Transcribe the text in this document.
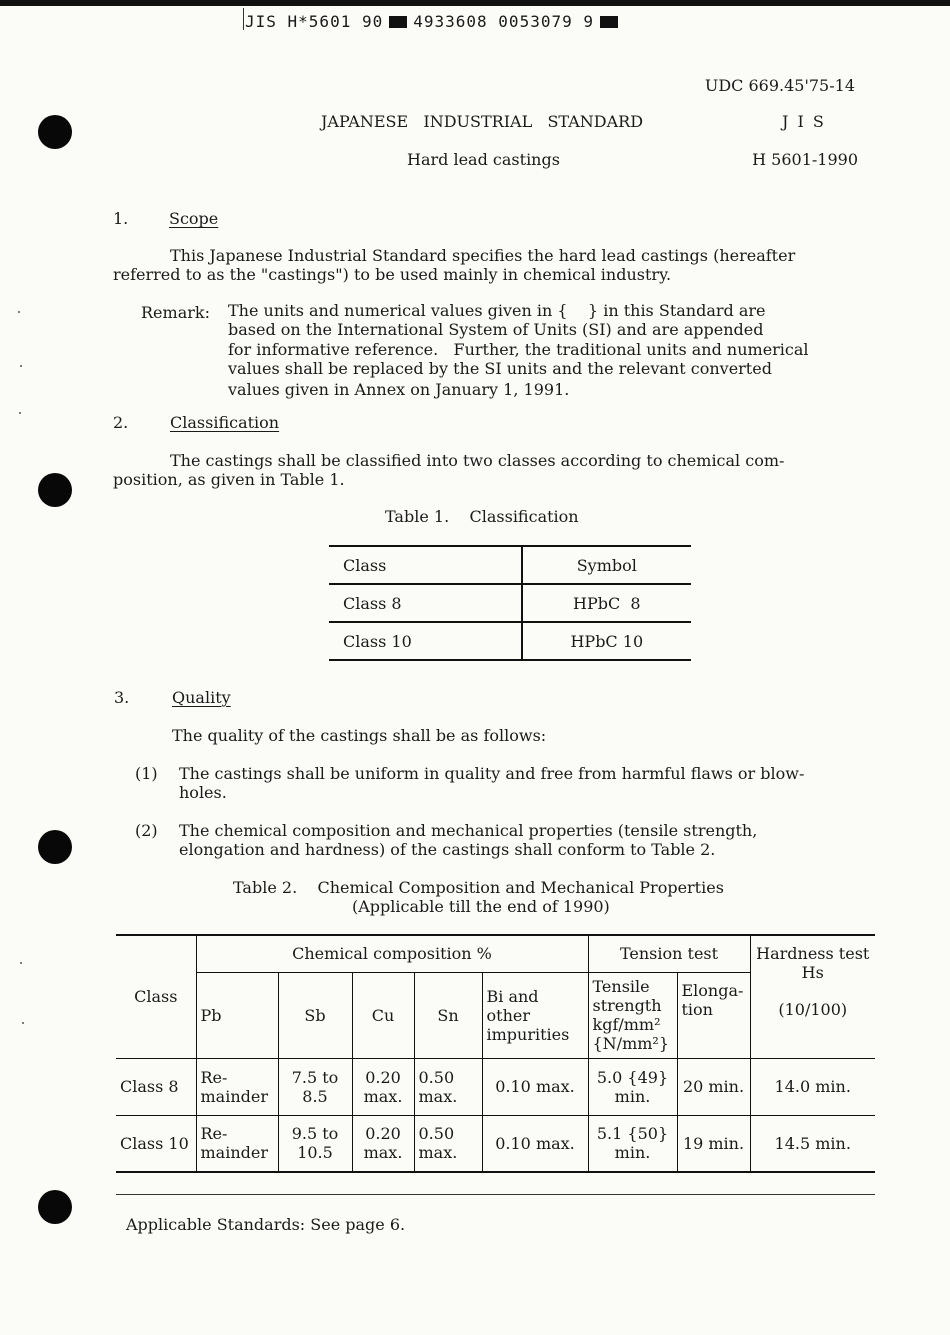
JIS H*5601 90 4933608 0053079 9
UDC 669.45'75-14
JAPANESE   INDUSTRIAL   STANDARD	J I S
Hard lead castings	H 5601-1990
1.	Scope
This Japanese Industrial Standard specifies the hard lead castings (hereafter
referred to as the "castings") to be used mainly in chemical industry.
Remark: The units and numerical values given in {    } in this Standard are
based on the International System of Units (SI) and are appended
for informative reference.   Further, the traditional units and numerical
values shall be replaced by the SI units and the relevant converted
values given in Annex on January 1, 1991.
2.	Classification
The castings shall be classified into two classes according to chemical com-
position, as given in Table 1.
Table 1.    Classification
Class	Symbol
Class 8	HPbC  8
Class 10	HPbC 10
3.	Quality
The quality of the castings shall be as follows:
(1) The castings shall be uniform in quality and free from harmful flaws or blow-
holes.
(2) The chemical composition and mechanical properties (tensile strength,
elongation and hardness) of the castings shall conform to Table 2.
Table 2.    Chemical Composition and Mechanical Properties
(Applicable till the end of 1990)
Class	Chemical composition %					Tension test		Hardness test Hs
(10/100)

	Pb	Sb	Cu	Sn	Bi and other impurities	Tensile strength kgf/mm² {N/mm²}	Elonga- tion	
Class 8	Re- mainder	7.5 to 8.5	0.20 max.	0.50 max.	0.10 max.	5.0 {49} min.	20 min.	14.0 min.
Class 10	Re- mainder	9.5 to 10.5	0.20 max.	0.50 max.	0.10 max.	5.1 {50} min.	19 min.	14.5 min.
Applicable Standards: See page 6.
